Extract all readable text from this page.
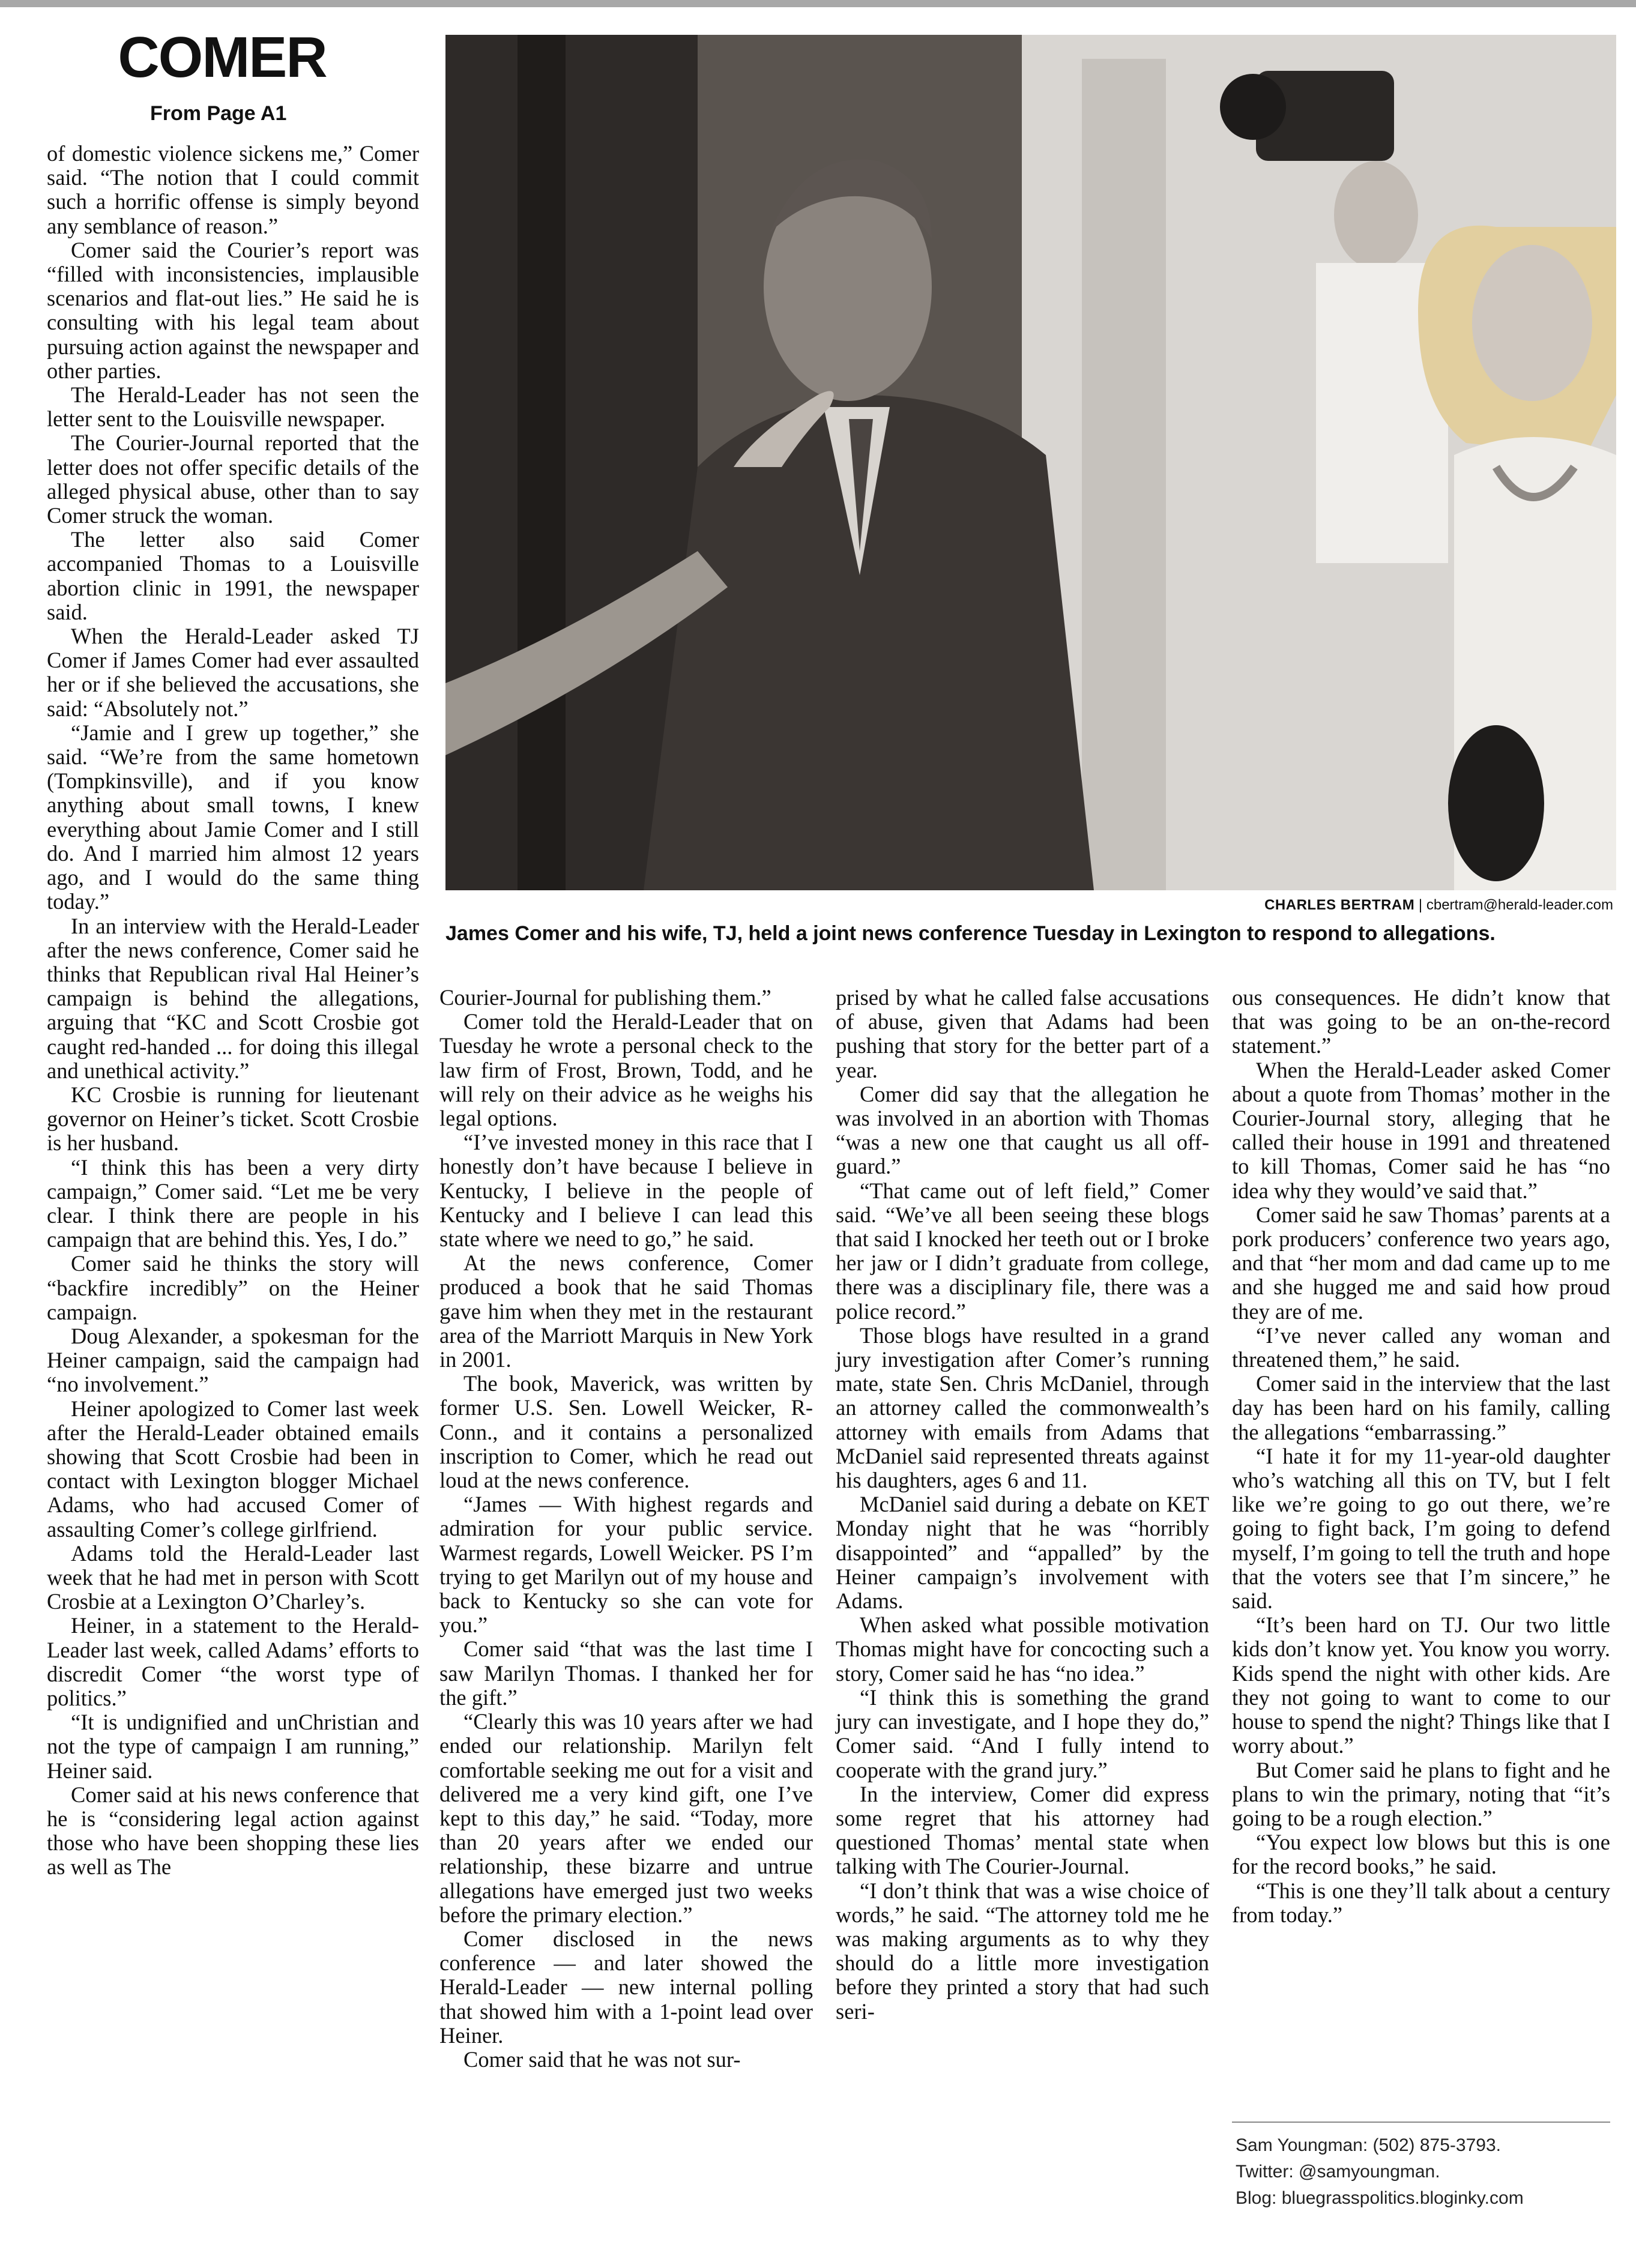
COMER
From Page A1
CHARLES BERTRAM | cbertram@herald-leader.com
James Comer and his wife, TJ, held a joint news conference Tuesday in Lexington to respond to allegations.

of domestic violence sickens me,” Comer said. “The notion that I could commit such a horrific offense is simply beyond any semblance of reason.”

Comer said the Courier’s report was “filled with inconsistencies, implausible scenarios and flat-out lies.” He said he is consulting with his legal team about pursuing action against the newspaper and other parties.

The Herald-Leader has not seen the letter sent to the Louisville newspaper.

The Courier-Journal reported that the letter does not offer specific details of the alleged physical abuse, other than to say Comer struck the woman.

The letter also said Comer accompanied Thomas to a Louisville abortion clinic in 1991, the newspaper said.

When the Herald-Leader asked TJ Comer if James Comer had ever assaulted her or if she believed the accusations, she said: “Absolutely not.”

“Jamie and I grew up together,” she said. “We’re from the same hometown (Tompkinsville), and if you know anything about small towns, I knew everything about Jamie Comer and I still do. And I married him almost 12 years ago, and I would do the same thing today.”

In an interview with the Herald-Leader after the news conference, Comer said he thinks that Republican rival Hal Heiner’s campaign is behind the allegations, arguing that “KC and Scott Crosbie got caught red-handed ... for doing this illegal and unethical activity.”

KC Crosbie is running for lieutenant governor on Heiner’s ticket. Scott Crosbie is her husband.

“I think this has been a very dirty campaign,” Comer said. “Let me be very clear. I think there are people in his campaign that are behind this. Yes, I do.”

Comer said he thinks the story will “backfire incredibly” on the Heiner campaign.

Doug Alexander, a spokesman for the Heiner campaign, said the campaign had “no involvement.”

Heiner apologized to Comer last week after the Herald-Leader obtained emails showing that Scott Crosbie had been in contact with Lexington blogger Michael Adams, who had accused Comer of assaulting Comer’s college girlfriend.

Adams told the Herald-Leader last week that he had met in person with Scott Crosbie at a Lexington O’Charley’s.

Heiner, in a statement to the Herald-Leader last week, called Adams’ efforts to discredit Comer “the worst type of politics.”

“It is undignified and unChristian and not the type of campaign I am running,” Heiner said.

Comer said at his news conference that he is “considering legal action against those who have been shopping these lies as well as The

Courier-Journal for publishing them.”

Comer told the Herald-Leader that on Tuesday he wrote a personal check to the law firm of Frost, Brown, Todd, and he will rely on their advice as he weighs his legal options.

“I’ve invested money in this race that I honestly don’t have because I believe in Kentucky, I believe in the people of Kentucky and I believe I can lead this state where we need to go,” he said.

At the news conference, Comer produced a book that he said Thomas gave him when they met in the restaurant area of the Marriott Marquis in New York in 2001.

The book, Maverick, was written by former U.S. Sen. Lowell Weicker, R-Conn., and it contains a personalized inscription to Comer, which he read out loud at the news conference.

“James — With highest regards and admiration for your public service. Warmest regards, Lowell Weicker. PS I’m trying to get Marilyn out of my house and back to Kentucky so she can vote for you.”

Comer said “that was the last time I saw Marilyn Thomas. I thanked her for the gift.”

“Clearly this was 10 years after we had ended our relationship. Marilyn felt comfortable seeking me out for a visit and delivered me a very kind gift, one I’ve kept to this day,” he said. “Today, more than 20 years after we ended our relationship, these bizarre and untrue allegations have emerged just two weeks before the primary election.”

Comer disclosed in the news conference — and later showed the Herald-Leader — new internal polling that showed him with a 1-point lead over Heiner.

Comer said that he was not sur-

prised by what he called false accusations of abuse, given that Adams had been pushing that story for the better part of a year.

Comer did say that the allegation he was involved in an abortion with Thomas “was a new one that caught us all off-guard.”

“That came out of left field,” Comer said. “We’ve all been seeing these blogs that said I knocked her teeth out or I broke her jaw or I didn’t graduate from college, there was a disciplinary file, there was a police record.”

Those blogs have resulted in a grand jury investigation after Comer’s running mate, state Sen. Chris McDaniel, through an attorney called the commonwealth’s attorney with emails from Adams that McDaniel said represented threats against his daughters, ages 6 and 11.

McDaniel said during a debate on KET Monday night that he was “horribly disappointed” and “appalled” by the Heiner campaign’s involvement with Adams.

When asked what possible motivation Thomas might have for concocting such a story, Comer said he has “no idea.”

“I think this is something the grand jury can investigate, and I hope they do,” Comer said. “And I fully intend to cooperate with the grand jury.”

In the interview, Comer did express some regret that his attorney had questioned Thomas’ mental state when talking with The Courier-Journal.

“I don’t think that was a wise choice of words,” he said. “The attorney told me he was making arguments as to why they should do a little more investigation before they printed a story that had such seri-

ous consequences. He didn’t know that that was going to be an on-the-record statement.”

When the Herald-Leader asked Comer about a quote from Thomas’ mother in the Courier-Journal story, alleging that he called their house in 1991 and threatened to kill Thomas, Comer said he has “no idea why they would’ve said that.”

Comer said he saw Thomas’ parents at a pork producers’ conference two years ago, and that “her mom and dad came up to me and she hugged me and said how proud they are of me.

“I’ve never called any woman and threatened them,” he said.

Comer said in the interview that the last day has been hard on his family, calling the allegations “embarrassing.”

“I hate it for my 11-year-old daughter who’s watching all this on TV, but I felt like we’re going to go out there, we’re going to fight back, I’m going to defend myself, I’m going to tell the truth and hope that the voters see that I’m sincere,” he said.

“It’s been hard on TJ. Our two little kids don’t know yet. You know you worry. Kids spend the night with other kids. Are they not going to want to come to our house to spend the night? Things like that I worry about.”

But Comer said he plans to fight and he plans to win the primary, noting that “it’s going to be a rough election.”

“You expect low blows but this is one for the record books,” he said.

“This is one they’ll talk about a century from today.”

Sam Youngman: (502) 875-3793.
Twitter: @samyoungman.
Blog: bluegrasspolitics.bloginky.com
